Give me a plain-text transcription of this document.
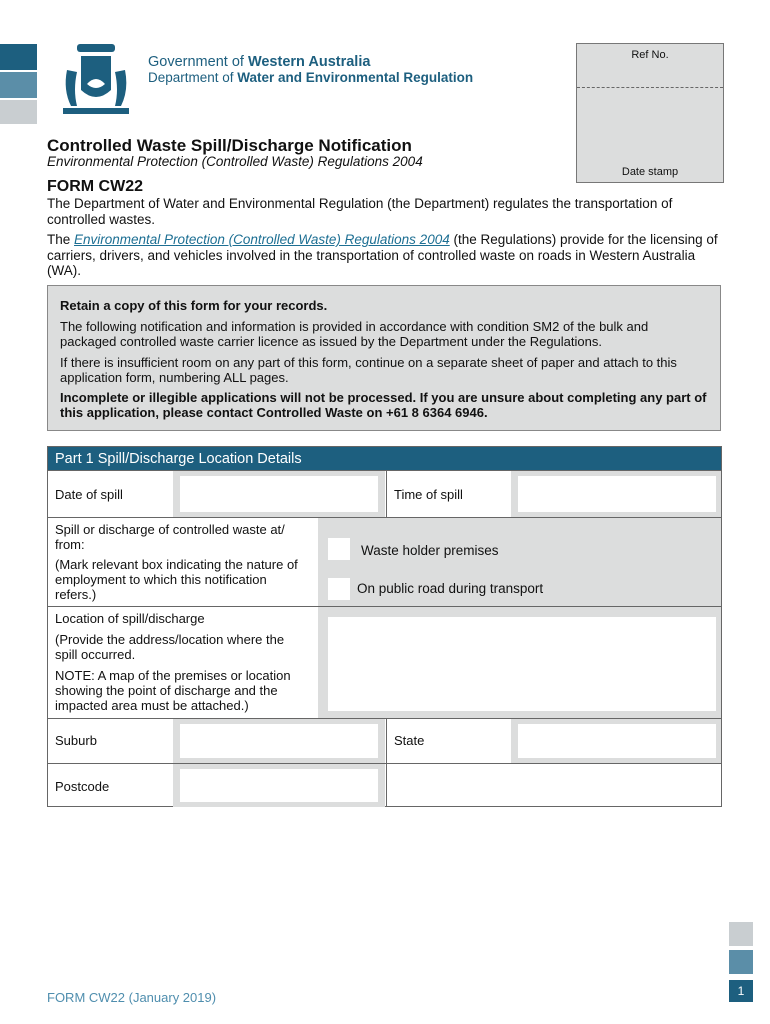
Government of Western Australia
Department of Water and Environmental Regulation
Ref No.
Date stamp
Controlled Waste Spill/Discharge Notification
Environmental Protection (Controlled Waste) Regulations 2004
FORM CW22
The Department of Water and Environmental Regulation (the Department) regulates the transportation of controlled wastes.
The Environmental Protection (Controlled Waste) Regulations 2004 (the Regulations) provide for the licensing of carriers, drivers, and vehicles involved in the transportation of controlled waste on roads in Western Australia (WA).

Retain a copy of this form for your records.

The following notification and information is provided in accordance with condition SM2 of the bulk and packaged controlled waste carrier licence as issued by the Department under the Regulations.

If there is insufficient room on any part of this form, continue on a separate sheet of paper and attach to this application form, numbering ALL pages.

Incomplete or illegible applications will not be processed. If you are unsure about completing any part of this application, please contact Controlled Waste on +61 8 6364 6946.

Part 1 Spill/Discharge Location Details
Date of spill	Time of spill
Spill or discharge of controlled waste at/ from:
(Mark relevant box indicating the nature of employment to which this notification refers.)
Waste holder premises
On public road during transport
Location of spill/discharge
(Provide the address/location where the spill occurred.
NOTE: A map of the premises or location showing the point of discharge and the impacted area must be attached.)
Suburb	State
Postcode
1
FORM CW22 (January 2019)
